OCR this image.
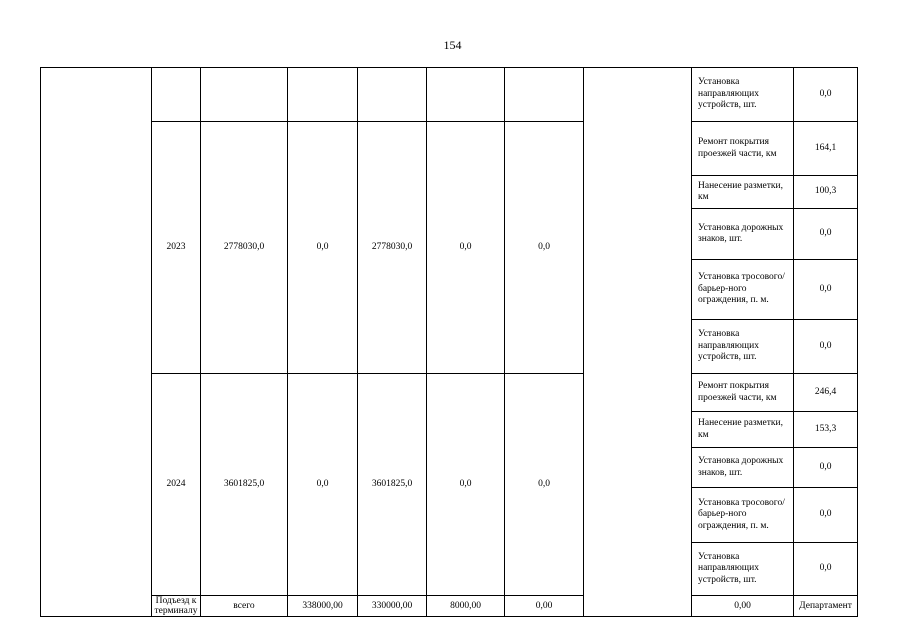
154
								Установка направляющих устройств, шт.	0,0	
	2023	2778030,0	0,0	2778030,0	0,0	0,0		Ремонт покрытия проезжей части, км	164,1	
								Нанесение разметки, км	100,3	
								Установка дорожных знаков, шт.	0,0	
								Установка тросового/барьер-ного ограждения, п. м.	0,0	
								Установка направляющих устройств, шт.	0,0	
	2024	3601825,0	0,0	3601825,0	0,0	0,0		Ремонт покрытия проезжей части, км	246,4	
								Нанесение разметки, км	153,3	
								Установка дорожных знаков, шт.	0,0	
								Установка тросового/барьер-ного ограждения, п. м.	0,0	
								Установка направляющих устройств, шт.	0,0	
	Подъезд к терминалу	всего	338000,00	330000,00	8000,00	0,00		0,00	Департамент		
